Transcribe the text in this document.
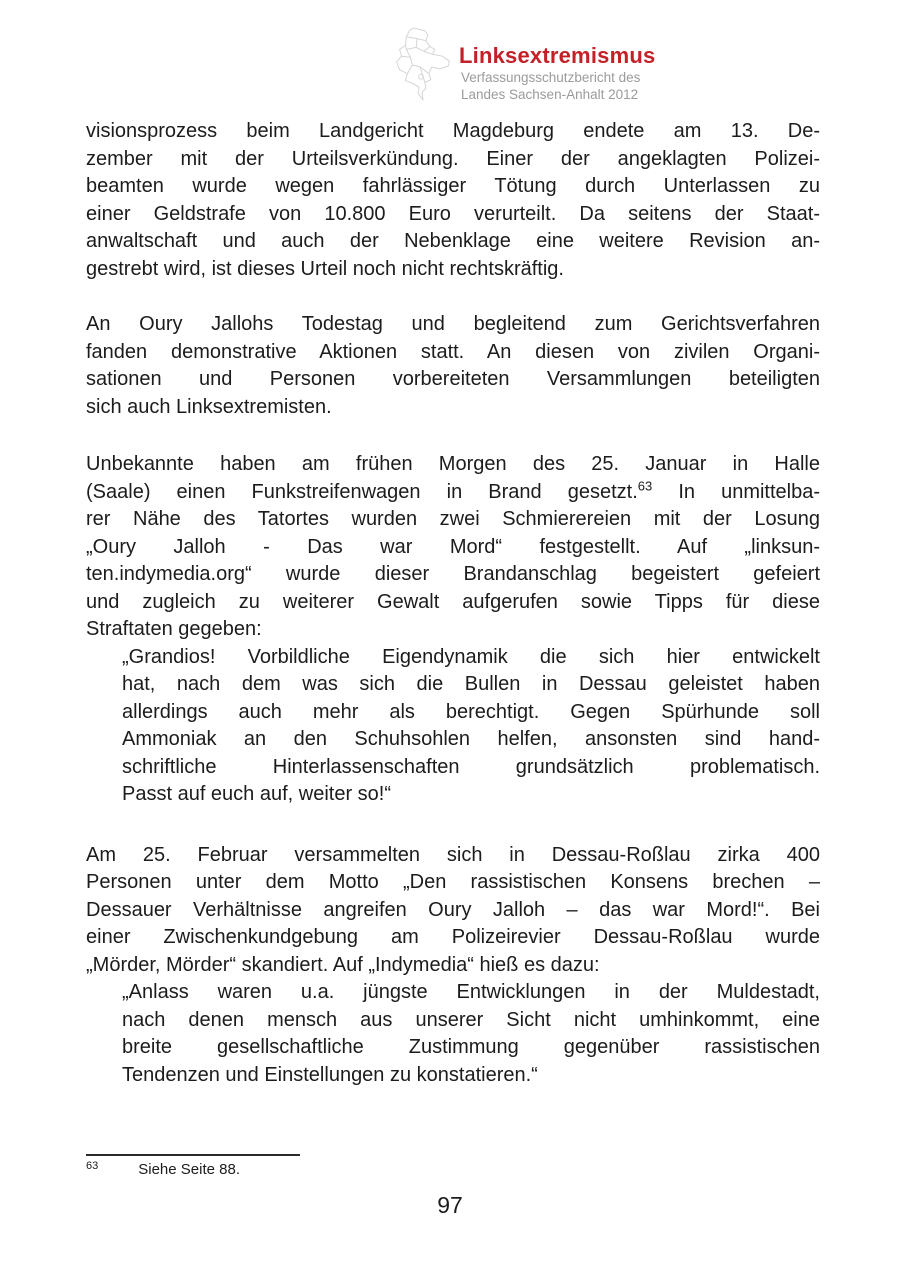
Linksextremismus
Verfassungsschutzbericht des
Landes Sachsen-Anhalt 2012
visionsprozess beim Landgericht Magdeburg endete am 13. De-
zember mit der Urteilsverkündung. Einer der angeklagten Polizei-
beamten wurde wegen fahrlässiger Tötung durch Unterlassen zu
einer Geldstrafe von 10.800 Euro verurteilt. Da seitens der Staat-
anwaltschaft und auch der Nebenklage eine weitere Revision an-
gestrebt wird, ist dieses Urteil noch nicht rechtskräftig.
An Oury Jallohs Todestag und begleitend zum Gerichtsverfahren
fanden demonstrative Aktionen statt. An diesen von zivilen Organi-
sationen und Personen vorbereiteten Versammlungen beteiligten
sich auch Linksextremisten.
Unbekannte haben am frühen Morgen des 25. Januar in Halle
(Saale) einen Funkstreifenwagen in Brand gesetzt.$^{63}$ In unmittelba-
rer Nähe des Tatortes wurden zwei Schmierereien mit der Losung
„Oury Jalloh - Das war Mord“ festgestellt. Auf „linksun-
ten.indymedia.org“ wurde dieser Brandanschlag begeistert gefeiert
und zugleich zu weiterer Gewalt aufgerufen sowie Tipps für diese
Straftaten gegeben:
„Grandios! Vorbildliche Eigendynamik die sich hier entwickelt
hat, nach dem was sich die Bullen in Dessau geleistet haben
allerdings auch mehr als berechtigt. Gegen Spürhunde soll
Ammoniak an den Schuhsohlen helfen, ansonsten sind hand-
schriftliche Hinterlassenschaften grundsätzlich problematisch.
Passt auf euch auf, weiter so!“
Am 25. Februar versammelten sich in Dessau-Roßlau zirka 400
Personen unter dem Motto „Den rassistischen Konsens brechen –
Dessauer Verhältnisse angreifen Oury Jalloh – das war Mord!“. Bei
einer Zwischenkundgebung am Polizeirevier Dessau-Roßlau wurde
„Mörder, Mörder“ skandiert. Auf „Indymedia“ hieß es dazu:
„Anlass waren u.a. jüngste Entwicklungen in der Muldestadt,
nach denen mensch aus unserer Sicht nicht umhinkommt, eine
breite gesellschaftliche Zustimmung gegenüber rassistischen
Tendenzen und Einstellungen zu konstatieren.“
$^{63}$	Siehe Seite 88.
97
